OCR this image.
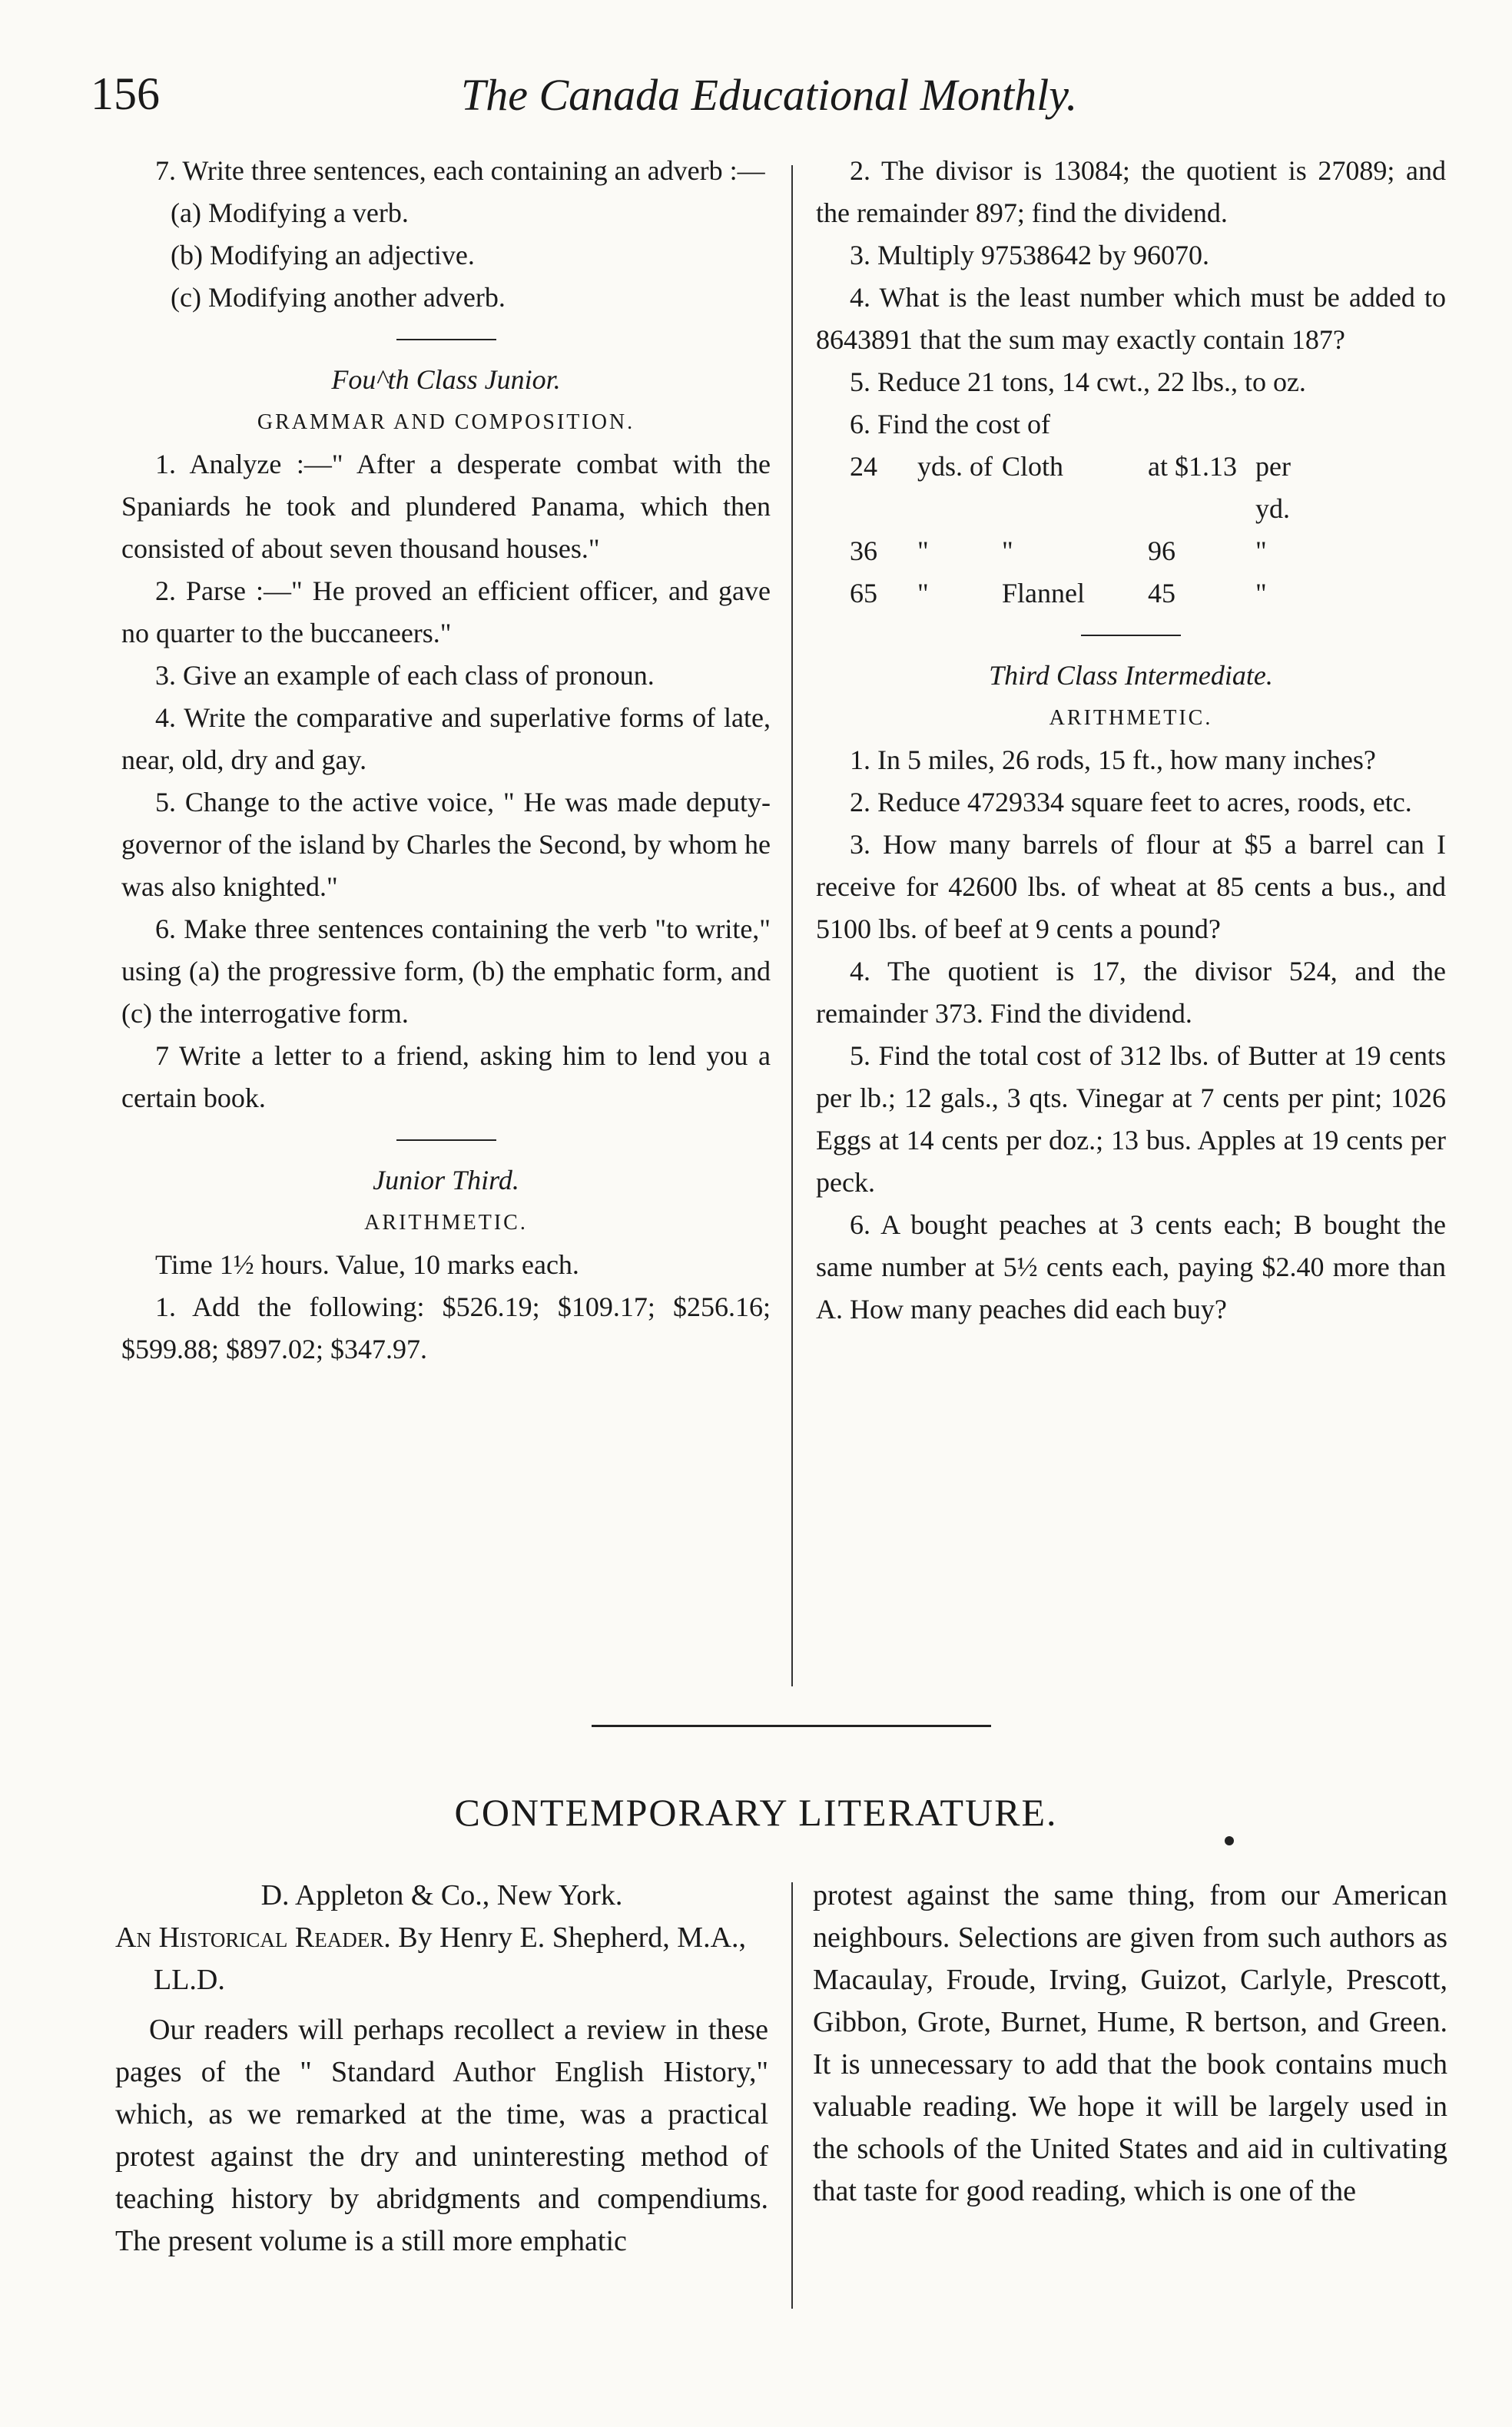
156	The Canada Educational Monthly.

7. Write three sentences, each containing an adverb :—

(a) Modifying a verb.

(b) Modifying an adjective.

(c) Modifying another adverb.

Fou^th Class Junior.

GRAMMAR AND COMPOSITION.

1. Analyze :—" After a desperate combat with the Spaniards he took and plundered Panama, which then consisted of about seven thousand houses."

2. Parse :—" He proved an efficient officer, and gave no quarter to the buccaneers."

3. Give an example of each class of pronoun.

4. Write the comparative and superlative forms of late, near, old, dry and gay.

5. Change to the active voice, " He was made deputy-governor of the island by Charles the Second, by whom he was also knighted."

6. Make three sentences containing the verb "to write," using (a) the progressive form, (b) the emphatic form, and (c) the interrogative form.

7 Write a letter to a friend, asking him to lend you a certain book.

Junior Third.

ARITHMETIC.

Time 1½ hours. Value, 10 marks each.

1. Add the following: $526.19; $109.17; $256.16; $599.88; $897.02; $347.97.

2. The divisor is 13084; the quotient is 27089; and the remainder 897; find the dividend.

3. Multiply 97538642 by 96070.

4. What is the least number which must be added to 8643891 that the sum may exactly contain 187?

5. Reduce 21 tons, 14 cwt., 22 lbs., to oz.

6. Find the cost of

24	yds. of Cloth	at $1.13 per yd.
36	"	"	96	"
65	"	Flannel	45	"

Third Class Intermediate.

ARITHMETIC.

1. In 5 miles, 26 rods, 15 ft., how many inches?

2. Reduce 4729334 square feet to acres, roods, etc.

3. How many barrels of flour at $5 a barrel can I receive for 42600 lbs. of wheat at 85 cents a bus., and 5100 lbs. of beef at 9 cents a pound?

4. The quotient is 17, the divisor 524, and the remainder 373. Find the dividend.

5. Find the total cost of 312 lbs. of Butter at 19 cents per lb.; 12 gals., 3 qts. Vinegar at 7 cents per pint; 1026 Eggs at 14 cents per doz.; 13 bus. Apples at 19 cents per peck.

6. A bought peaches at 3 cents each; B bought the same number at 5½ cents each, paying $2.40 more than A. How many peaches did each buy?

CONTEMPORARY LITERATURE.

D. Appleton & Co., New York.

An Historical Reader. By Henry E. Shepherd, M.A., LL.D.

Our readers will perhaps recollect a review in these pages of the " Standard Author English History," which, as we remarked at the time, was a practical protest against the dry and uninteresting method of teaching history by abridgments and compendiums. The present volume is a still more emphatic

protest against the same thing, from our American neighbours. Selections are given from such authors as Macaulay, Froude, Irving, Guizot, Carlyle, Prescott, Gibbon, Grote, Burnet, Hume, R bertson, and Green. It is unnecessary to add that the book contains much valuable reading. We hope it will be largely used in the schools of the United States and aid in cultivating that taste for good reading, which is one of the
